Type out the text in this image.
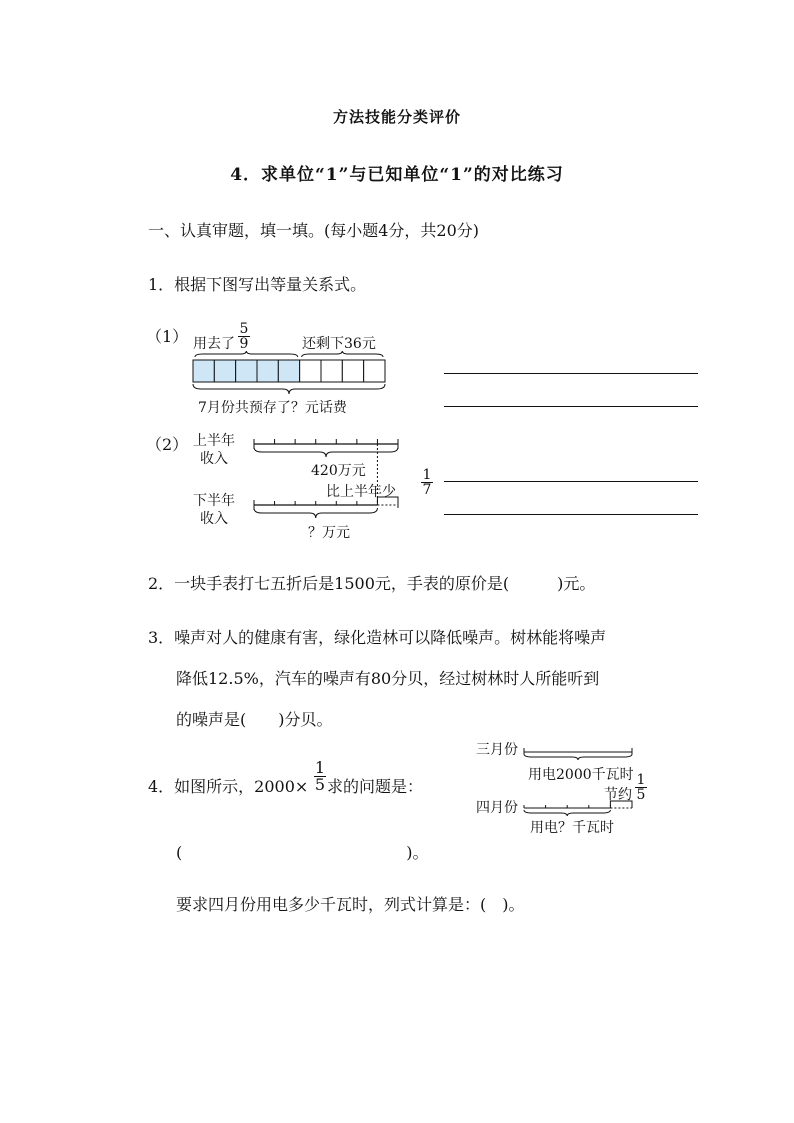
方法技能分类评价
4．求单位“1”与已知单位“1”的对比练习
一、认真审题，填一填。(每小题4分，共20分)
1．根据下图写出等量关系式。
（1） 用去了
5
9	还剩下36元
7月份共预存了？元话费
（2） 上半年
收入
420万元
比上半年少
1
7
下半年
收入
？万元
2．一块手表打七五折后是1500元，手表的原价是(　　　)元。
3．噪声对人的健康有害，绿化造林可以降低噪声。树林能将噪声
降低12.5%，汽车的噪声有80分贝，经过树林时人所能听到
的噪声是(　　)分贝。
4．如图所示，2000×
1
5 求的问题是：
三月份
用电2000千瓦时
节约
1
5
四月份
用电？千瓦时
(　　　　　　　　　　　　　　)。
要求四月份用电多少千瓦时，列式计算是：(　)。
